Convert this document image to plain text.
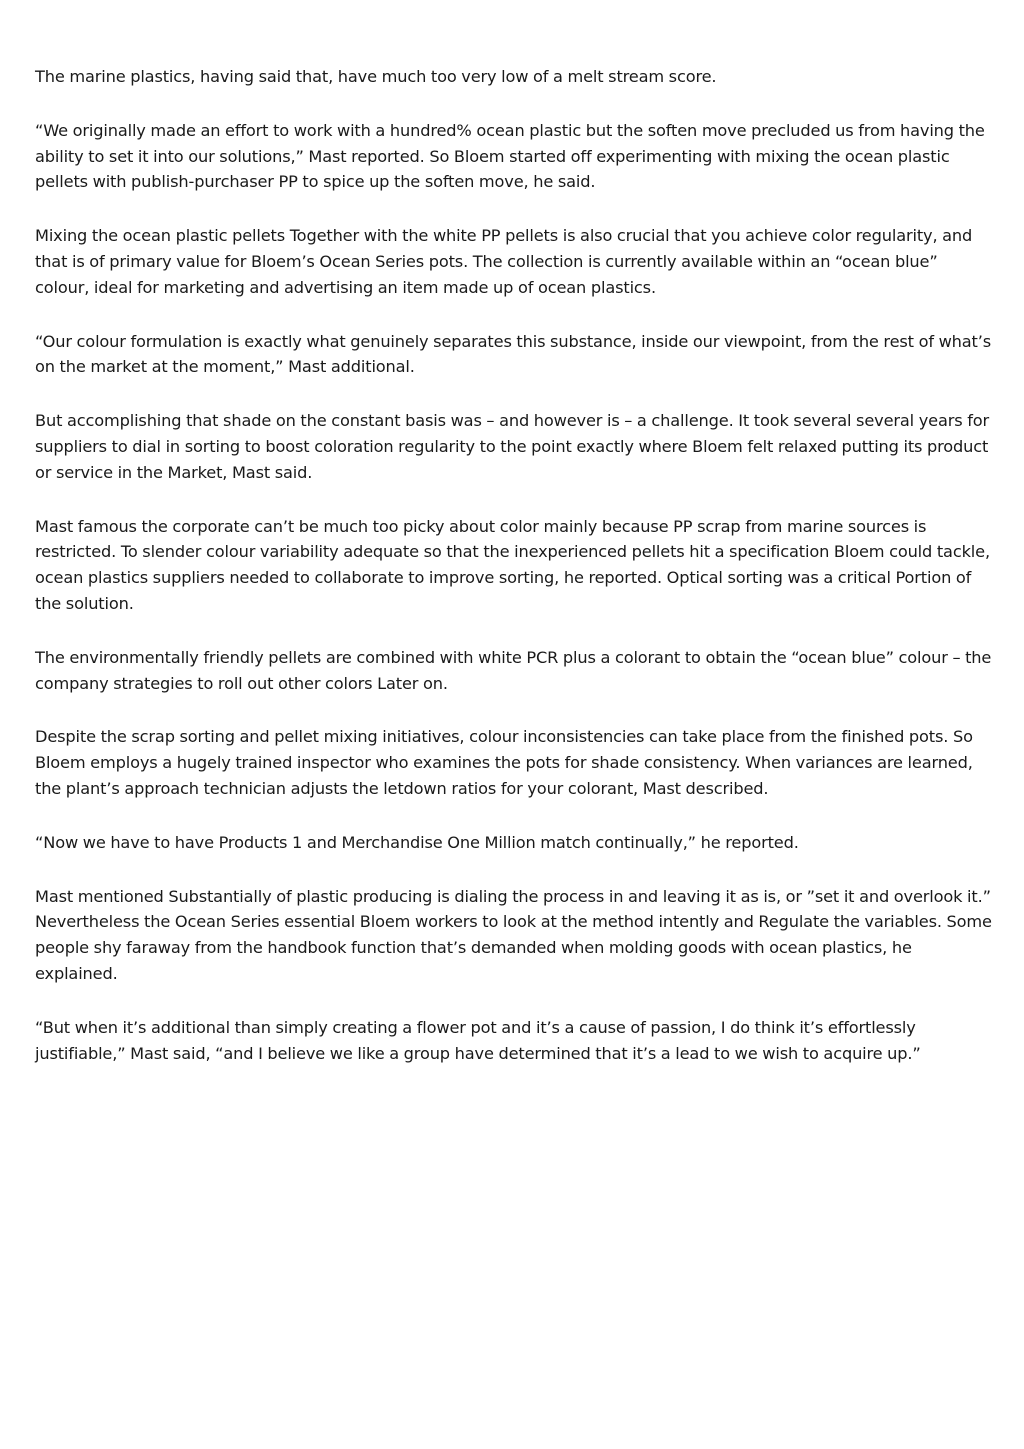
The marine plastics, having said that, have much too very low of a melt stream score.

“We originally made an effort to work with a hundred% ocean plastic but the soften move precluded us from having the ability to set it into our solutions,” Mast reported. So Bloem started off experimenting with mixing the ocean plastic pellets with publish-purchaser PP to spice up the soften move, he said.

Mixing the ocean plastic pellets Together with the white PP pellets is also crucial that you achieve color regularity, and that is of primary value for Bloem’s Ocean Series pots. The collection is currently available within an “ocean blue” colour, ideal for marketing and advertising an item made up of ocean plastics.

“Our colour formulation is exactly what genuinely separates this substance, inside our viewpoint, from the rest of what’s on the market at the moment,” Mast additional.

But accomplishing that shade on the constant basis was – and however is – a challenge. It took several several years for suppliers to dial in sorting to boost coloration regularity to the point exactly where Bloem felt relaxed putting its product or service in the Market, Mast said.

Mast famous the corporate can’t be much too picky about color mainly because PP scrap from marine sources is restricted. To slender colour variability adequate so that the inexperienced pellets hit a specification Bloem could tackle, ocean plastics suppliers needed to collaborate to improve sorting, he reported. Optical sorting was a critical Portion of the solution.

The environmentally friendly pellets are combined with white PCR plus a colorant to obtain the “ocean blue” colour – the company strategies to roll out other colors Later on.

Despite the scrap sorting and pellet mixing initiatives, colour inconsistencies can take place from the finished pots. So Bloem employs a hugely trained inspector who examines the pots for shade consistency. When variances are learned, the plant’s approach technician adjusts the letdown ratios for your colorant, Mast described.

“Now we have to have Products 1 and Merchandise One Million match continually,” he reported.

Mast mentioned Substantially of plastic producing is dialing the process in and leaving it as is, or ”set it and overlook it.” Nevertheless the Ocean Series essential Bloem workers to look at the method intently and Regulate the variables. Some people shy faraway from the handbook function that’s demanded when molding goods with ocean plastics, he explained.

“But when it’s additional than simply creating a flower pot and it’s a cause of passion, I do think it’s effortlessly justifiable,” Mast said, “and I believe we like a group have determined that it’s a lead to we wish to acquire up.”
